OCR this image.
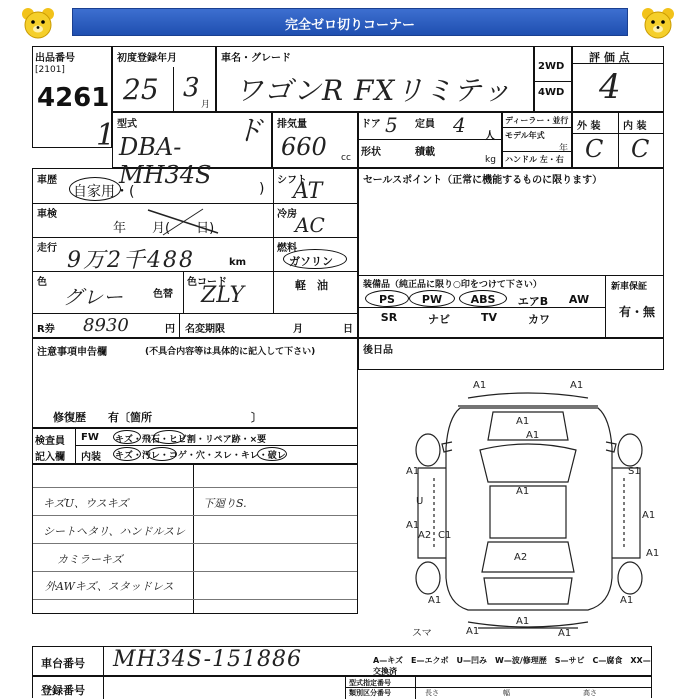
完全ゼロ切りコーナー
出品番号
[2101]
4261
1
初度登録年月
25 3
月
車名・グレード
ワゴンR FXリミテッド
2WD
4WD
評 価 点
4
型式
DBA-MH34S
排気量
660 cc
ドア 5 定員 4 人
形状	積載
kg
ディーラー・並行
モデル年式
年
ハンドル 左・右
外 装 内 装
C C
車歴
自家用・(	)
車検
年　　月(　　日)
走行 9万2千488	km
色
グレー	色替
色コード
ZLY
シフト
AT
冷房
AC
燃料
ガソリン
軽　油
R券 8930	円 名変期限	月	日
セールスポイント（正常に機能するものに限ります）
装備品（純正品に限り○印をつけて下さい）	新車保証
有・無
PS	PW	ABS	エアB	AW
SR	ナビ	TV	カワ
後日品
注意事項申告欄	(不具合内容等は具体的に記入して下さい)
修復歴　　有〔箇所　　　　　　　　　〕
検査員
記入欄
FW
内装
キズ・飛石・ヒビ割・リペア跡・×要
キズ・汚レ・コゲ・穴・スレ・キレ・破レ
キズU、ウスキズ	下廻りS.
シートヘタリ、ハンドルスレ
カミラーキズ
外AWキズ、スタッドレス
A1	A1
A1
A1
A1	S1
A1
A1
A1
A2 C1
A1
A2
A1	A1
A1	A1
A1
U
スマ
車台番号 MH34S-151886	A—キズ　E—エクボ　U—凹み　W—波/修理歴　S—サビ　C—腐食　XX—交換済
登録番号
型式指定番号
類別区分番号	長さ	幅	高さ
